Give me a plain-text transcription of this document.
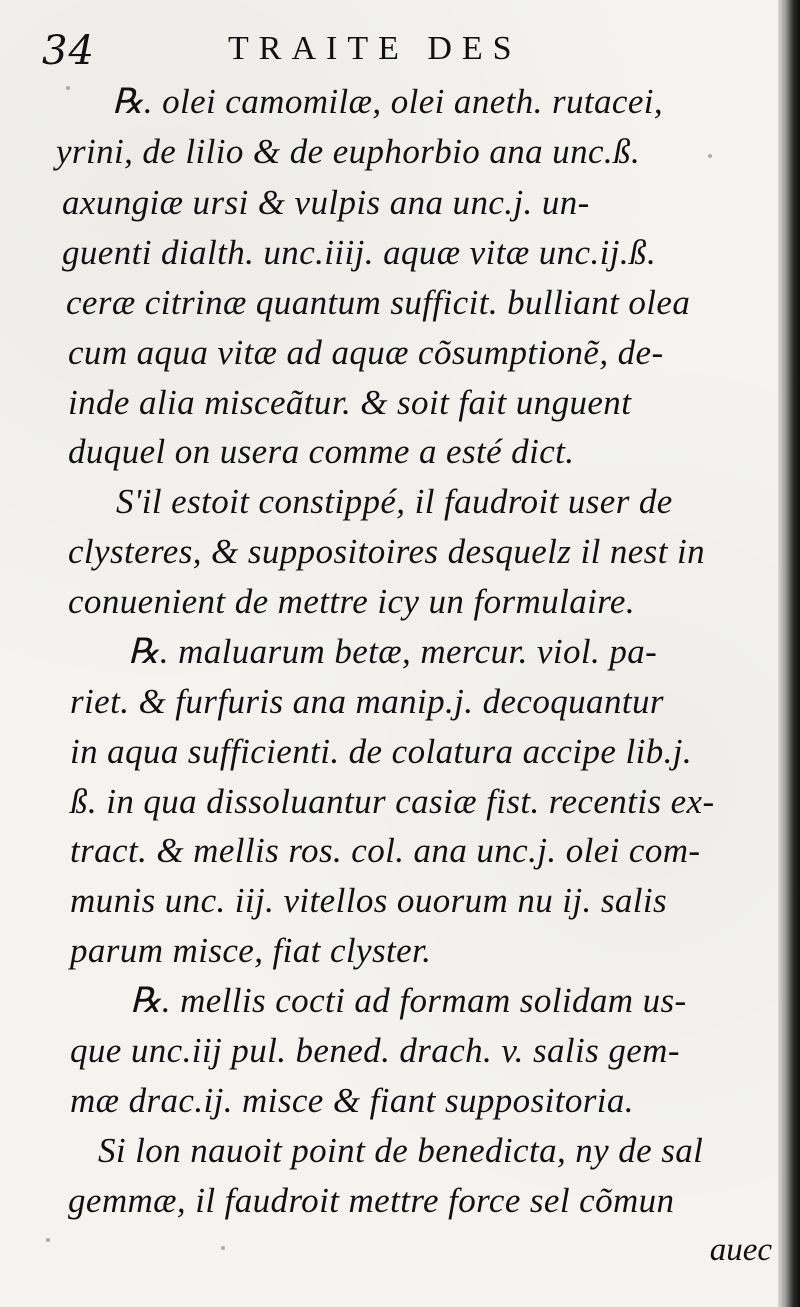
34	TRAITE DES
℞. olei camomilæ, olei aneth. rutacei,
yrini, de lilio & de euphorbio ana unc.ß.
axungiæ ursi & vulpis ana unc.j. un-
guenti dialth. unc.iiij. aquæ vitæ unc.ij.ß.
ceræ citrinæ quantum sufficit. bulliant olea
cum aqua vitæ ad aquæ cõsumptionẽ, de-
inde alia misceãtur. & soit fait unguent
duquel on usera comme a esté dict.
S'il estoit constippé, il faudroit user de
clysteres, & suppositoires desquelz il nest in
conuenient de mettre icy un formulaire.
℞. maluarum betæ, mercur. viol. pa-
riet. & furfuris ana manip.j. decoquantur
in aqua sufficienti. de colatura accipe lib.j.
ß. in qua dissoluantur casiæ fist. recentis ex-
tract. & mellis ros. col. ana unc.j. olei com-
munis unc. iij. vitellos ouorum nu ij. salis
parum misce, fiat clyster.
℞. mellis cocti ad formam solidam us-
que unc.iij pul. bened. drach. v. salis gem-
mæ drac.ij. misce & fiant suppositoria.
Si lon nauoit point de benedicta, ny de sal
gemmæ, il faudroit mettre force sel cõmun
auec
